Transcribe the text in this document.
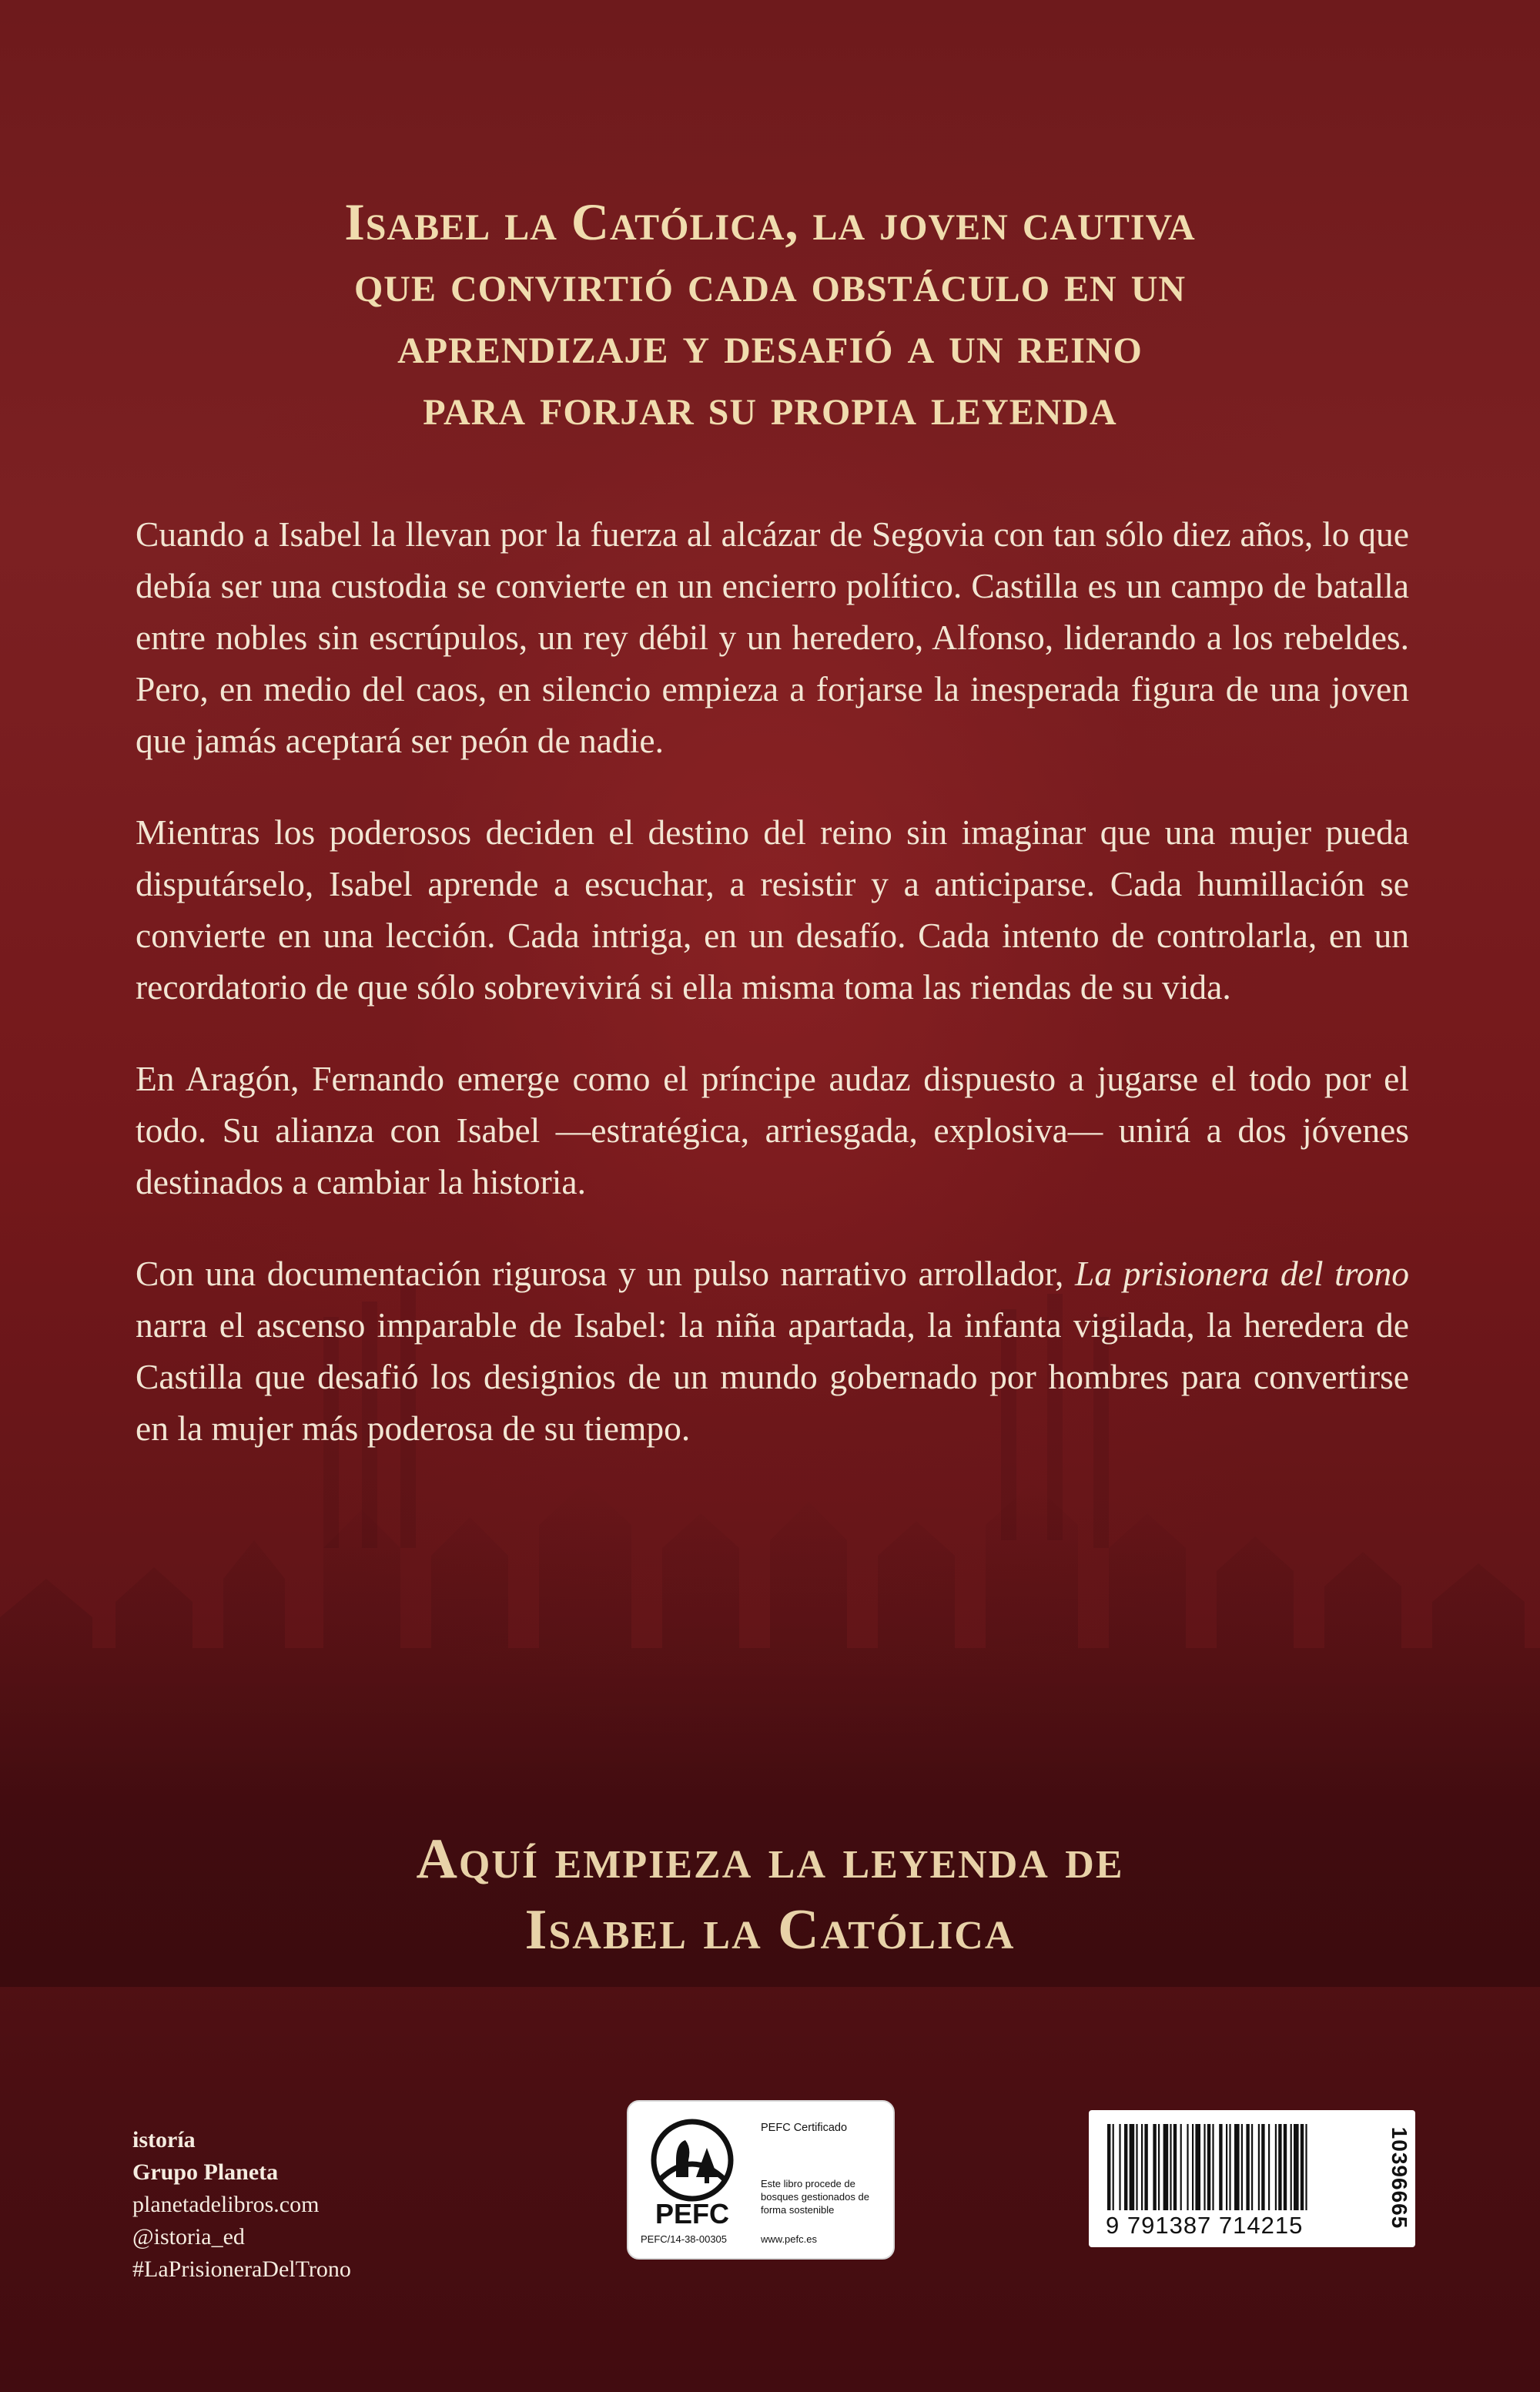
Isabel la Católica, la joven cautiva
que convirtió cada obstáculo en un
aprendizaje y desafió a un reino
para forjar su propia leyenda

Cuando a Isabel la llevan por la fuerza al alcázar de Segovia con tan sólo diez años, lo que debía ser una custodia se convierte en un encierro político. Castilla es un campo de batalla entre nobles sin escrúpulos, un rey débil y un heredero, Alfonso, liderando a los rebeldes. Pero, en medio del caos, en silencio empieza a forjarse la inesperada figura de una joven que jamás aceptará ser peón de nadie.

Mientras los poderosos deciden el destino del reino sin imaginar que una mujer pueda disputárselo, Isabel aprende a escuchar, a resistir y a anticiparse. Cada humillación se convierte en una lección. Cada intriga, en un desafío. Cada intento de controlarla, en un recordatorio de que sólo sobrevivirá si ella misma toma las riendas de su vida.

En Aragón, Fernando emerge como el príncipe audaz dispuesto a jugarse el todo por el todo. Su alianza con Isabel —estratégica, arriesgada, explosiva— unirá a dos jóvenes destinados a cambiar la historia.

Con una documentación rigurosa y un pulso narrativo arrollador, La prisionera del trono narra el ascenso imparable de Isabel: la niña apartada, la infanta vigilada, la heredera de Castilla que desafió los designios de un mundo gobernado por hombres para convertirse en la mujer más poderosa de su tiempo.

Aquí empieza la leyenda de
Isabel la Católica
istoría
Grupo Planeta
planetadelibros.com
@istoria_ed
#LaPrisioneraDelTrono
PEFC
PEFC/14-38-00305
PEFC Certificado
Este libro procede de bosques gestionados de forma sostenible
www.pefc.es
9 791387 714215	10396665
